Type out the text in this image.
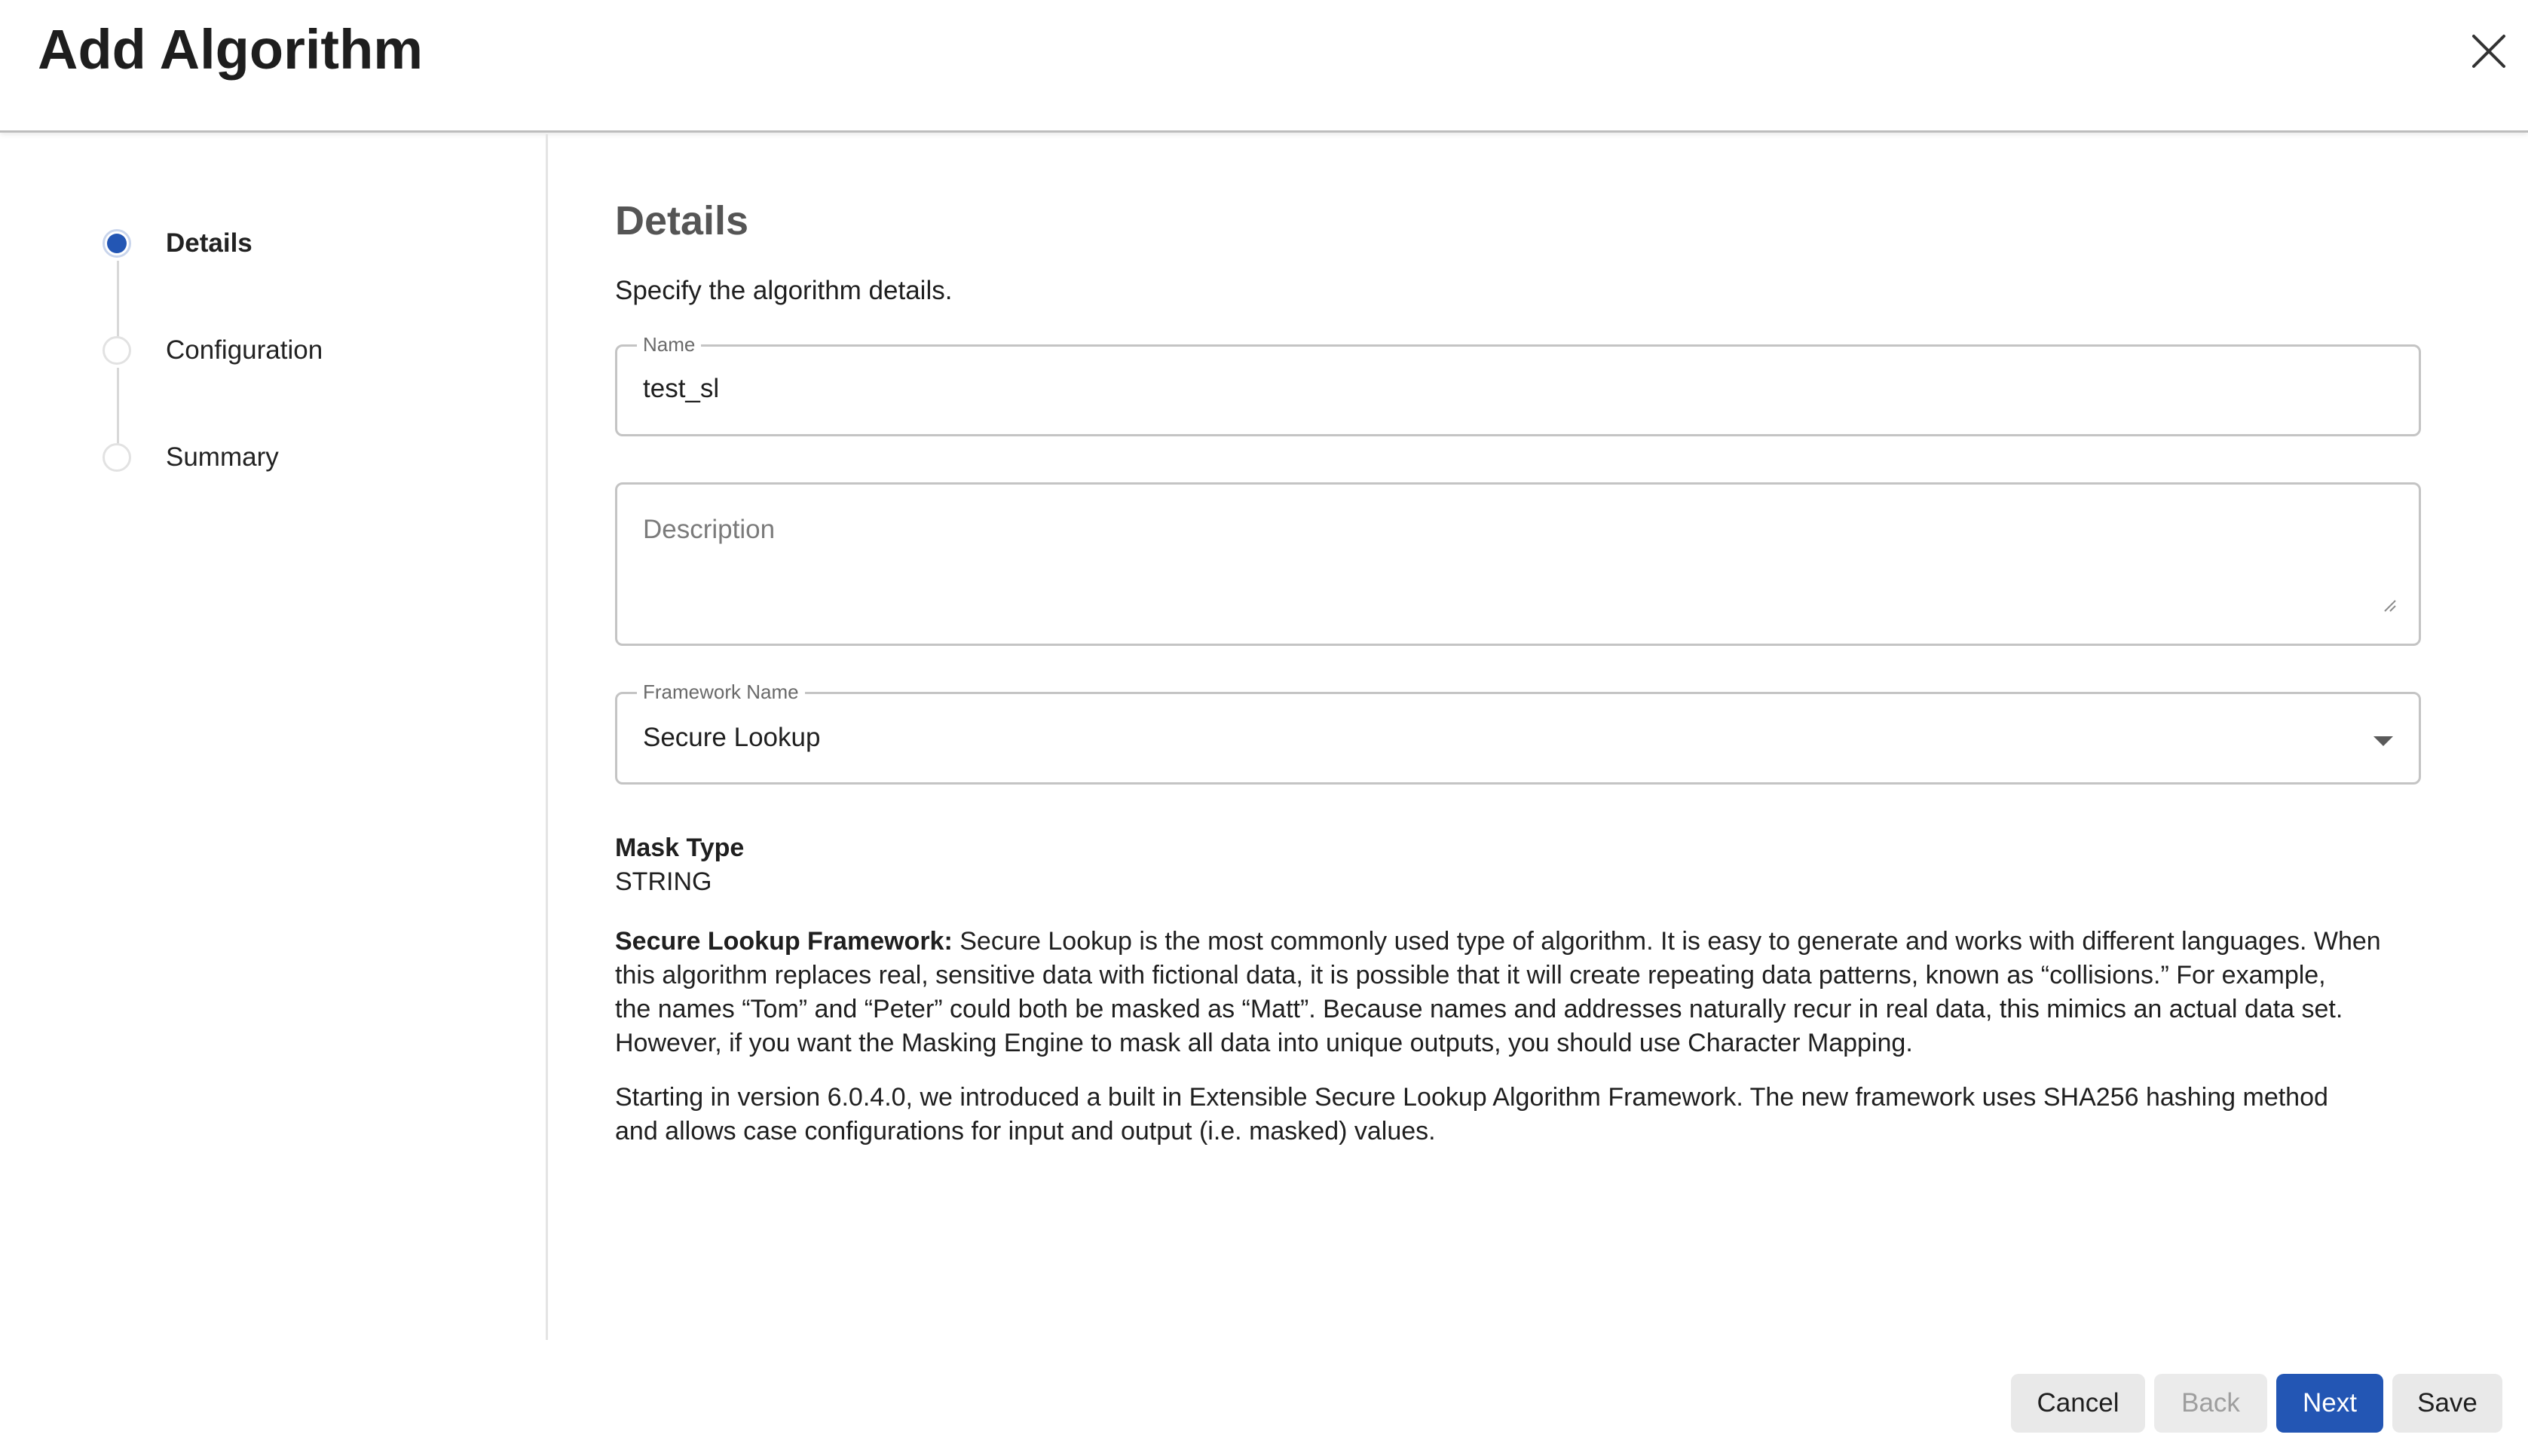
Add Algorithm
Details
Configuration
Summary
Details
Specify the algorithm details.
Name
test_sl
Description
Framework Name
Secure Lookup
Mask Type
STRING
Secure Lookup Framework: Secure Lookup is the most commonly used type of algorithm. It is easy to generate and works with different languages. When
this algorithm replaces real, sensitive data with fictional data, it is possible that it will create repeating data patterns, known as “collisions.” For example,
the names “Tom” and “Peter” could both be masked as “Matt”. Because names and addresses naturally recur in real data, this mimics an actual data set.
However, if you want the Masking Engine to mask all data into unique outputs, you should use Character Mapping.
Starting in version 6.0.4.0, we introduced a built in Extensible Secure Lookup Algorithm Framework. The new framework uses SHA256 hashing method
and allows case configurations for input and output (i.e. masked) values.
Cancel	Back	Next	Save
